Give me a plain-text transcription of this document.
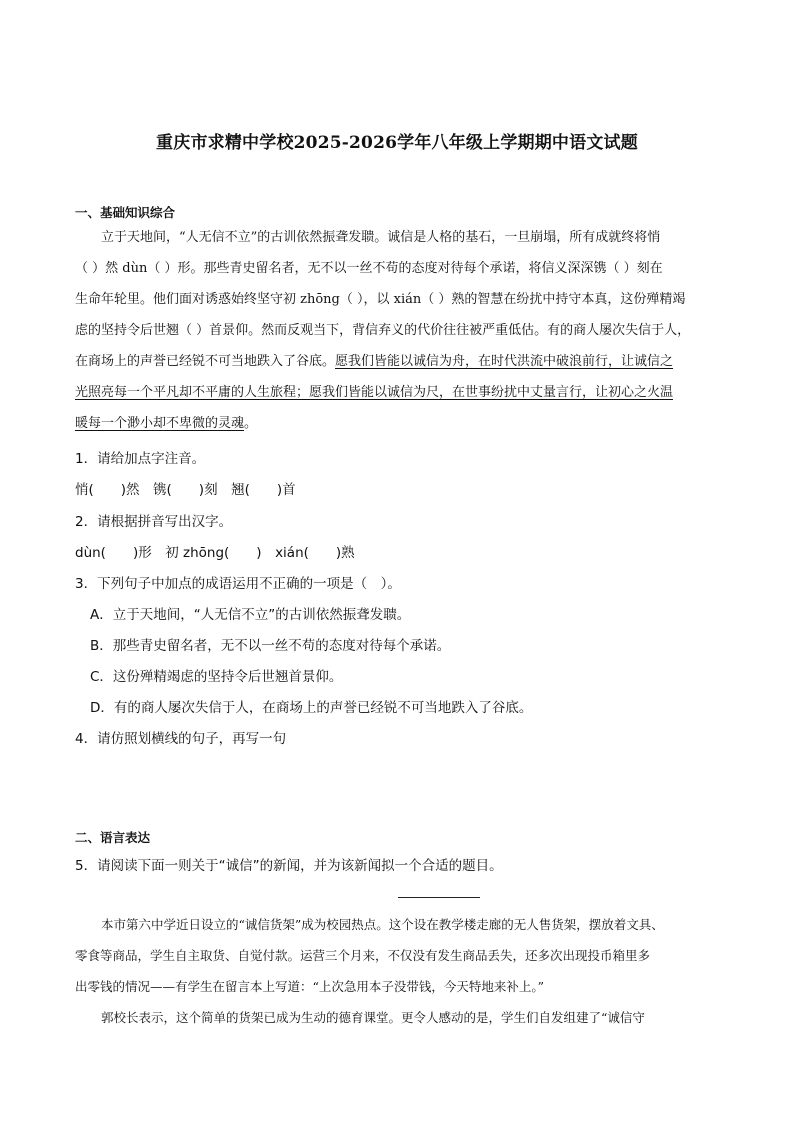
重庆市求精中学校2025-2026学年八年级上学期期中语文试题
一、基础知识综合
立于天地间，“人无信不立”的古训依然振聋发聩。诚信是人格的基石，一旦崩塌，所有成就终将悄
（ ）然 dùn（ ）形。那些青史留名者，无不以一丝不苟的态度对待每个承诺，将信义深深镌（ ）刻在
生命年轮里。他们面对诱惑始终坚守初 zhōng（ ），以 xián（ ）熟的智慧在纷扰中持守本真，这份殚精竭
虑的坚持令后世翘（ ）首景仰。然而反观当下，背信弃义的代价往往被严重低估。有的商人屡次失信于人，
在商场上的声誉已经锐不可当地跌入了谷底。愿我们皆能以诚信为舟，在时代洪流中破浪前行，让诚信之
光照亮每一个平凡却不平庸的人生旅程；愿我们皆能以诚信为尺，在世事纷扰中丈量言行，让初心之火温
暖每一个渺小却不卑微的灵魂。
1．请给加点字注音。
悄(　　)然　镌(　　)刻　翘(　　)首
2．请根据拼音写出汉字。
dùn(　　)形　初 zhōng(　　)　xián(　　)熟
3．下列句子中加点的成语运用不正确的一项是（　）。
A．立于天地间，“人无信不立”的古训依然振聋发聩。
B．那些青史留名者，无不以一丝不苟的态度对待每个承诺。
C．这份殚精竭虑的坚持令后世翘首景仰。
D．有的商人屡次失信于人，在商场上的声誉已经锐不可当地跌入了谷底。
4．请仿照划横线的句子，再写一句
二、语言表达
5．请阅读下面一则关于“诚信”的新闻，并为该新闻拟一个合适的题目。
本市第六中学近日设立的“诚信货架”成为校园热点。这个设在教学楼走廊的无人售货架，摆放着文具、
零食等商品，学生自主取货、自觉付款。运营三个月来，不仅没有发生商品丢失，还多次出现投币箱里多
出零钱的情况——有学生在留言本上写道：“上次急用本子没带钱，今天特地来补上。”
郭校长表示，这个简单的货架已成为生动的德育课堂。更令人感动的是，学生们自发组建了“诚信守
